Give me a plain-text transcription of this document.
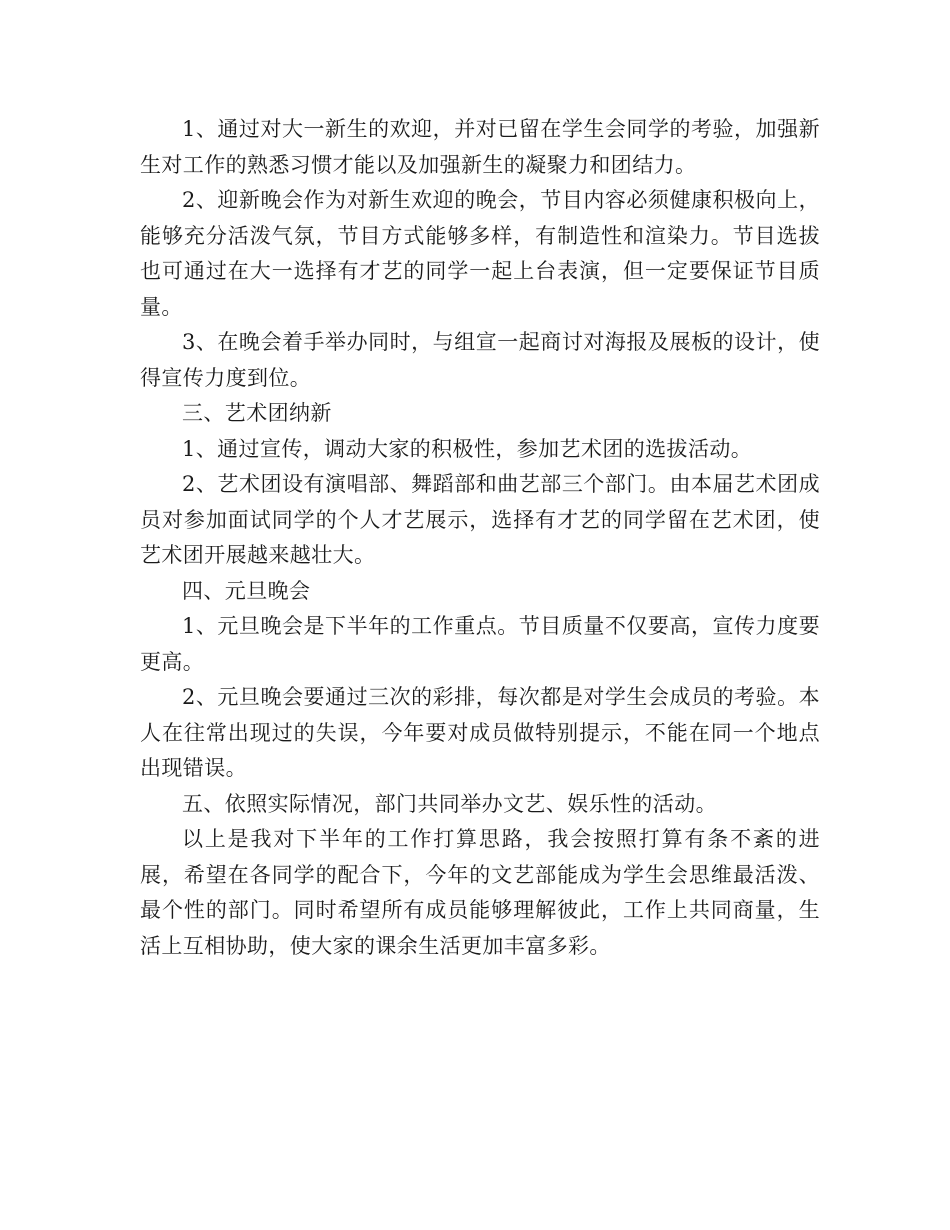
1、通过对大一新生的欢迎，并对已留在学生会同学的考验，加强新生对工作的熟悉习惯才能以及加强新生的凝聚力和团结力。

2、迎新晚会作为对新生欢迎的晚会，节目内容必须健康积极向上，能够充分活泼气氛，节目方式能够多样，有制造性和渲染力。节目选拔也可通过在大一选择有才艺的同学一起上台表演，但一定要保证节目质量。

3、在晚会着手举办同时，与组宣一起商讨对海报及展板的设计，使得宣传力度到位。

三、艺术团纳新

1、通过宣传，调动大家的积极性，参加艺术团的选拔活动。

2、艺术团设有演唱部、舞蹈部和曲艺部三个部门。由本届艺术团成员对参加面试同学的个人才艺展示，选择有才艺的同学留在艺术团，使艺术团开展越来越壮大。

四、元旦晚会

1、元旦晚会是下半年的工作重点。节目质量不仅要高，宣传力度要更高。

2、元旦晚会要通过三次的彩排，每次都是对学生会成员的考验。本人在往常出现过的失误，今年要对成员做特别提示，不能在同一个地点出现错误。

五、依照实际情况，部门共同举办文艺、娱乐性的活动。

以上是我对下半年的工作打算思路，我会按照打算有条不紊的进展，希望在各同学的配合下，今年的文艺部能成为学生会思维最活泼、最个性的部门。同时希望所有成员能够理解彼此，工作上共同商量，生活上互相协助，使大家的课余生活更加丰富多彩。
